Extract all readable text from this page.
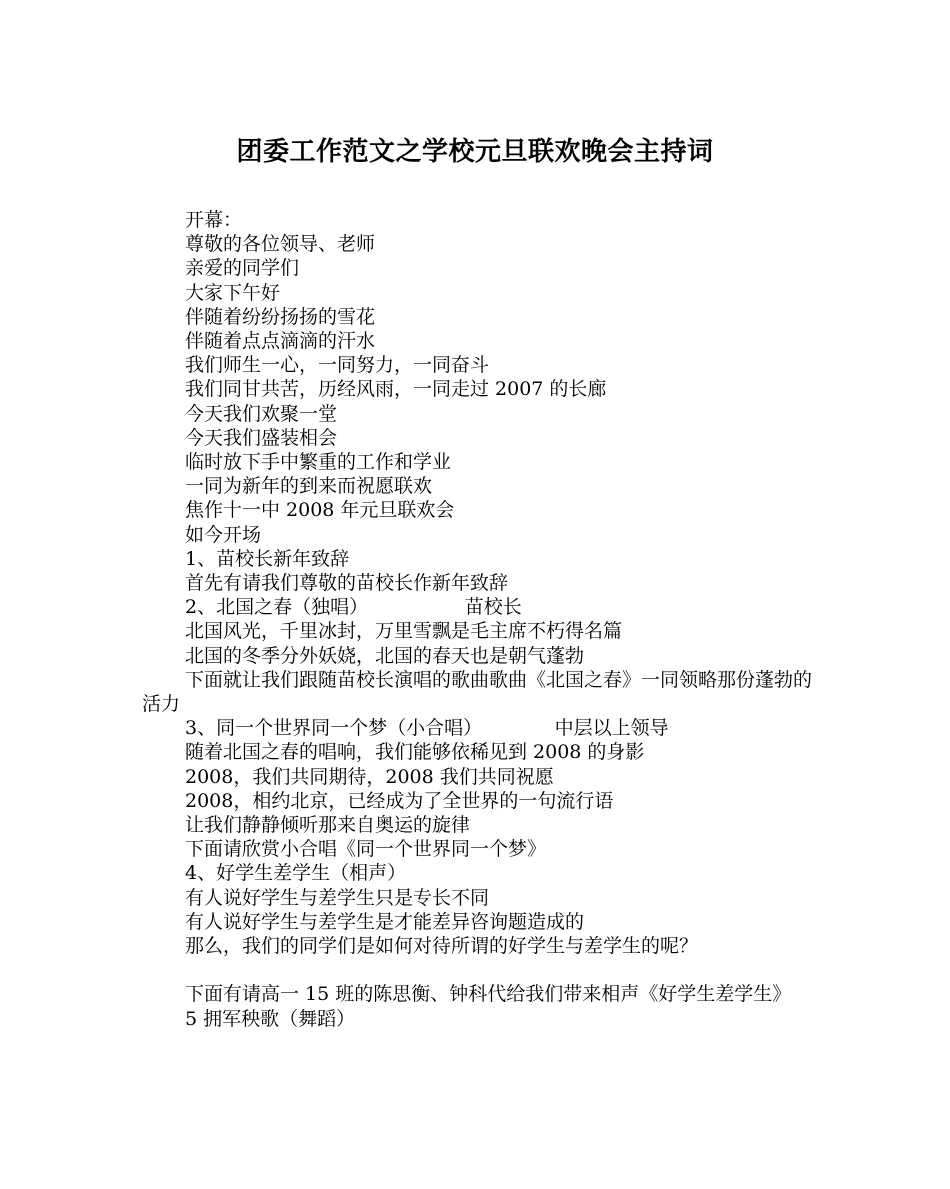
团委工作范文之学校元旦联欢晚会主持词

开幕：

尊敬的各位领导、老师

亲爱的同学们

大家下午好

伴随着纷纷扬扬的雪花

伴随着点点滴滴的汗水

我们师生一心，一同努力，一同奋斗

我们同甘共苦，历经风雨，一同走过 2007 的长廊

今天我们欢聚一堂

今天我们盛装相会

临时放下手中繁重的工作和学业

一同为新年的到来而祝愿联欢

焦作十一中 2008 年元旦联欢会

如今开场

1、苗校长新年致辞

首先有请我们尊敬的苗校长作新年致辞

2、北国之春（独唱）                苗校长

北国风光，千里冰封，万里雪飘是毛主席不朽得名篇

北国的冬季分外妖娆，北国的春天也是朝气蓬勃

下面就让我们跟随苗校长演唱的歌曲歌曲《北国之春》一同领略那份蓬勃的活力

3、同一个世界同一个梦（小合唱）            中层以上领导

随着北国之春的唱响，我们能够依稀见到 2008 的身影

2008，我们共同期待，2008 我们共同祝愿

2008，相约北京，已经成为了全世界的一句流行语

让我们静静倾听那来自奥运的旋律

下面请欣赏小合唱《同一个世界同一个梦》

4、好学生差学生（相声）

有人说好学生与差学生只是专长不同

有人说好学生与差学生是才能差异咨询题造成的

那么，我们的同学们是如何对待所谓的好学生与差学生的呢？

下面有请高一 15 班的陈思衡、钟科代给我们带来相声《好学生差学生》

5 拥军秧歌（舞蹈）
